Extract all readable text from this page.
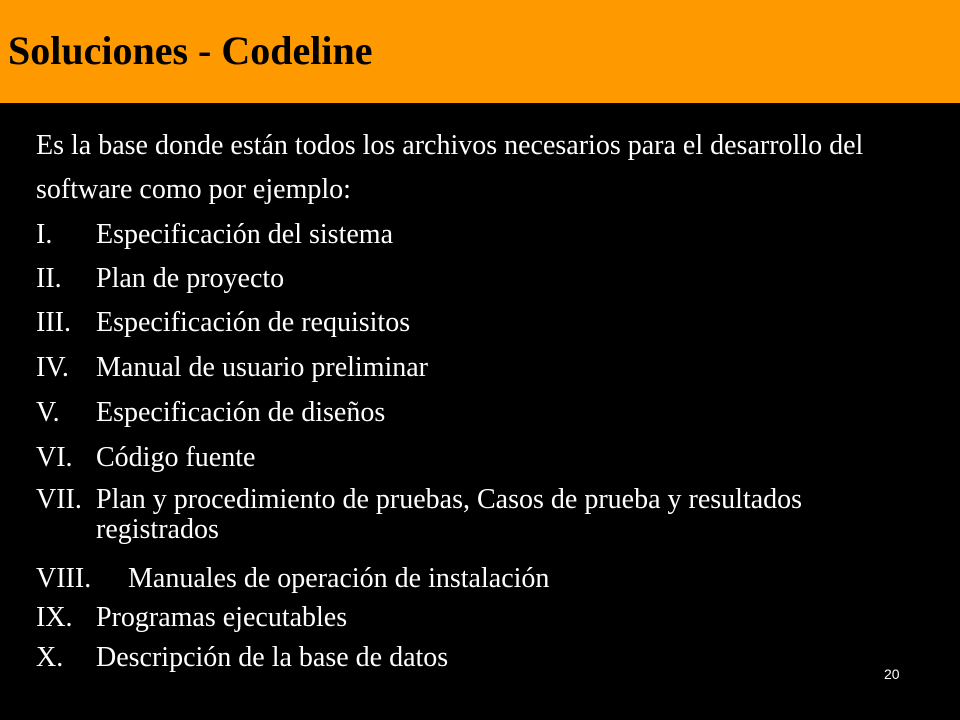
Soluciones - Codeline

Es la base donde están todos los archivos necesarios para el desarrollo del software como por ejemplo:

I. Especificación del sistema
II. Plan de proyecto
III. Especificación de requisitos
IV. Manual de usuario preliminar
V. Especificación de diseños
VI. Código fuente
VII. Plan y procedimiento de pruebas, Casos de prueba y resultados registrados
VIII. Manuales de operación de instalación
IX. Programas ejecutables
X. Descripción de la base de datos
20
